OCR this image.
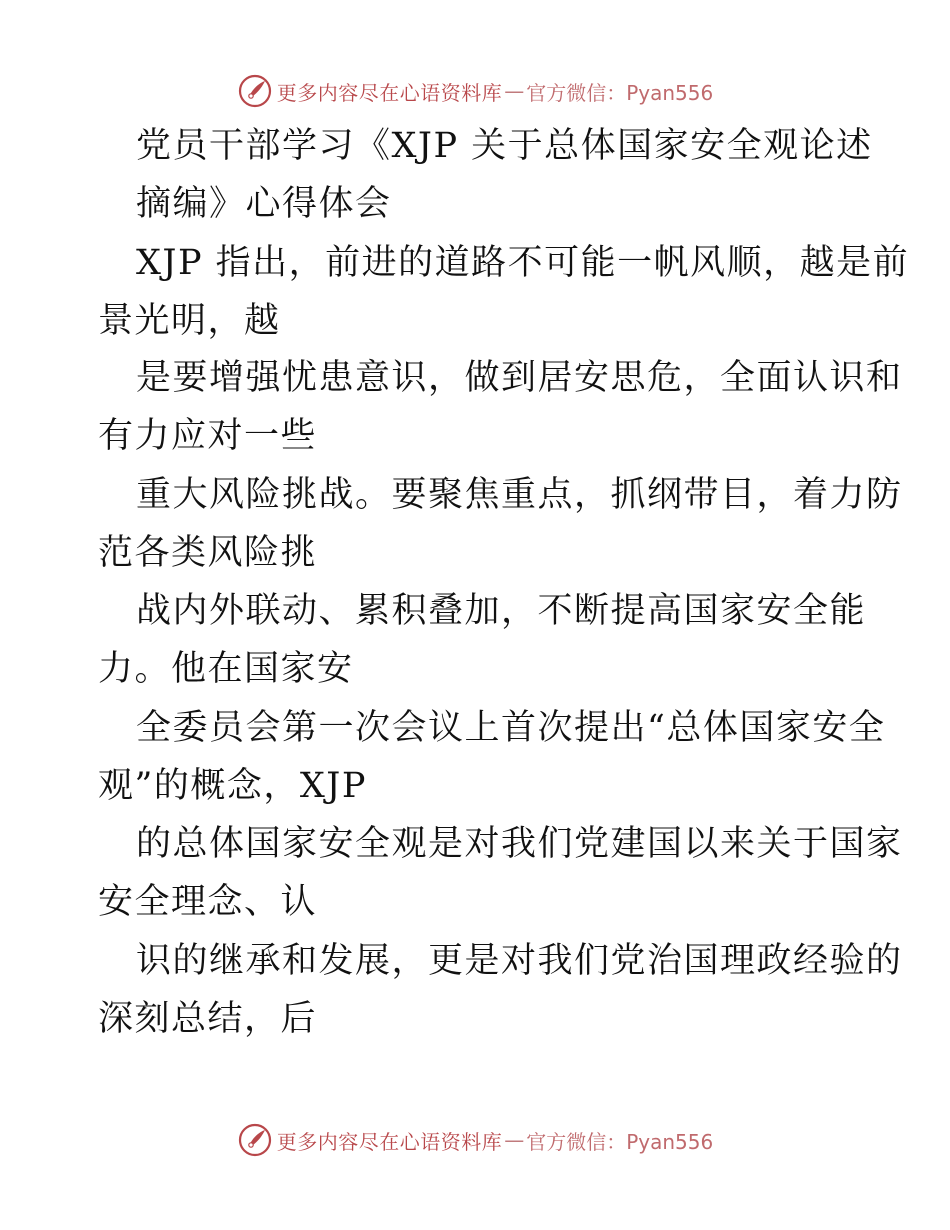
更多内容尽在心语资料库 — 官方微信：Pyan556
党员干部学习《XJP 关于总体国家安全观论述
摘编》心得体会
XJP 指出，前进的道路不可能一帆风顺，越是前
景光明，越
是要增强忧患意识，做到居安思危，全面认识和
有力应对一些
重大风险挑战。要聚焦重点，抓纲带目，着力防
范各类风险挑
战内外联动、累积叠加，不断提高国家安全能
力。他在国家安
全委员会第一次会议上首次提出“总体国家安全
观”的概念，XJP
的总体国家安全观是对我们党建国以来关于国家
安全理念、认
识的继承和发展，更是对我们党治国理政经验的
深刻总结，后
更多内容尽在心语资料库 — 官方微信：Pyan556
